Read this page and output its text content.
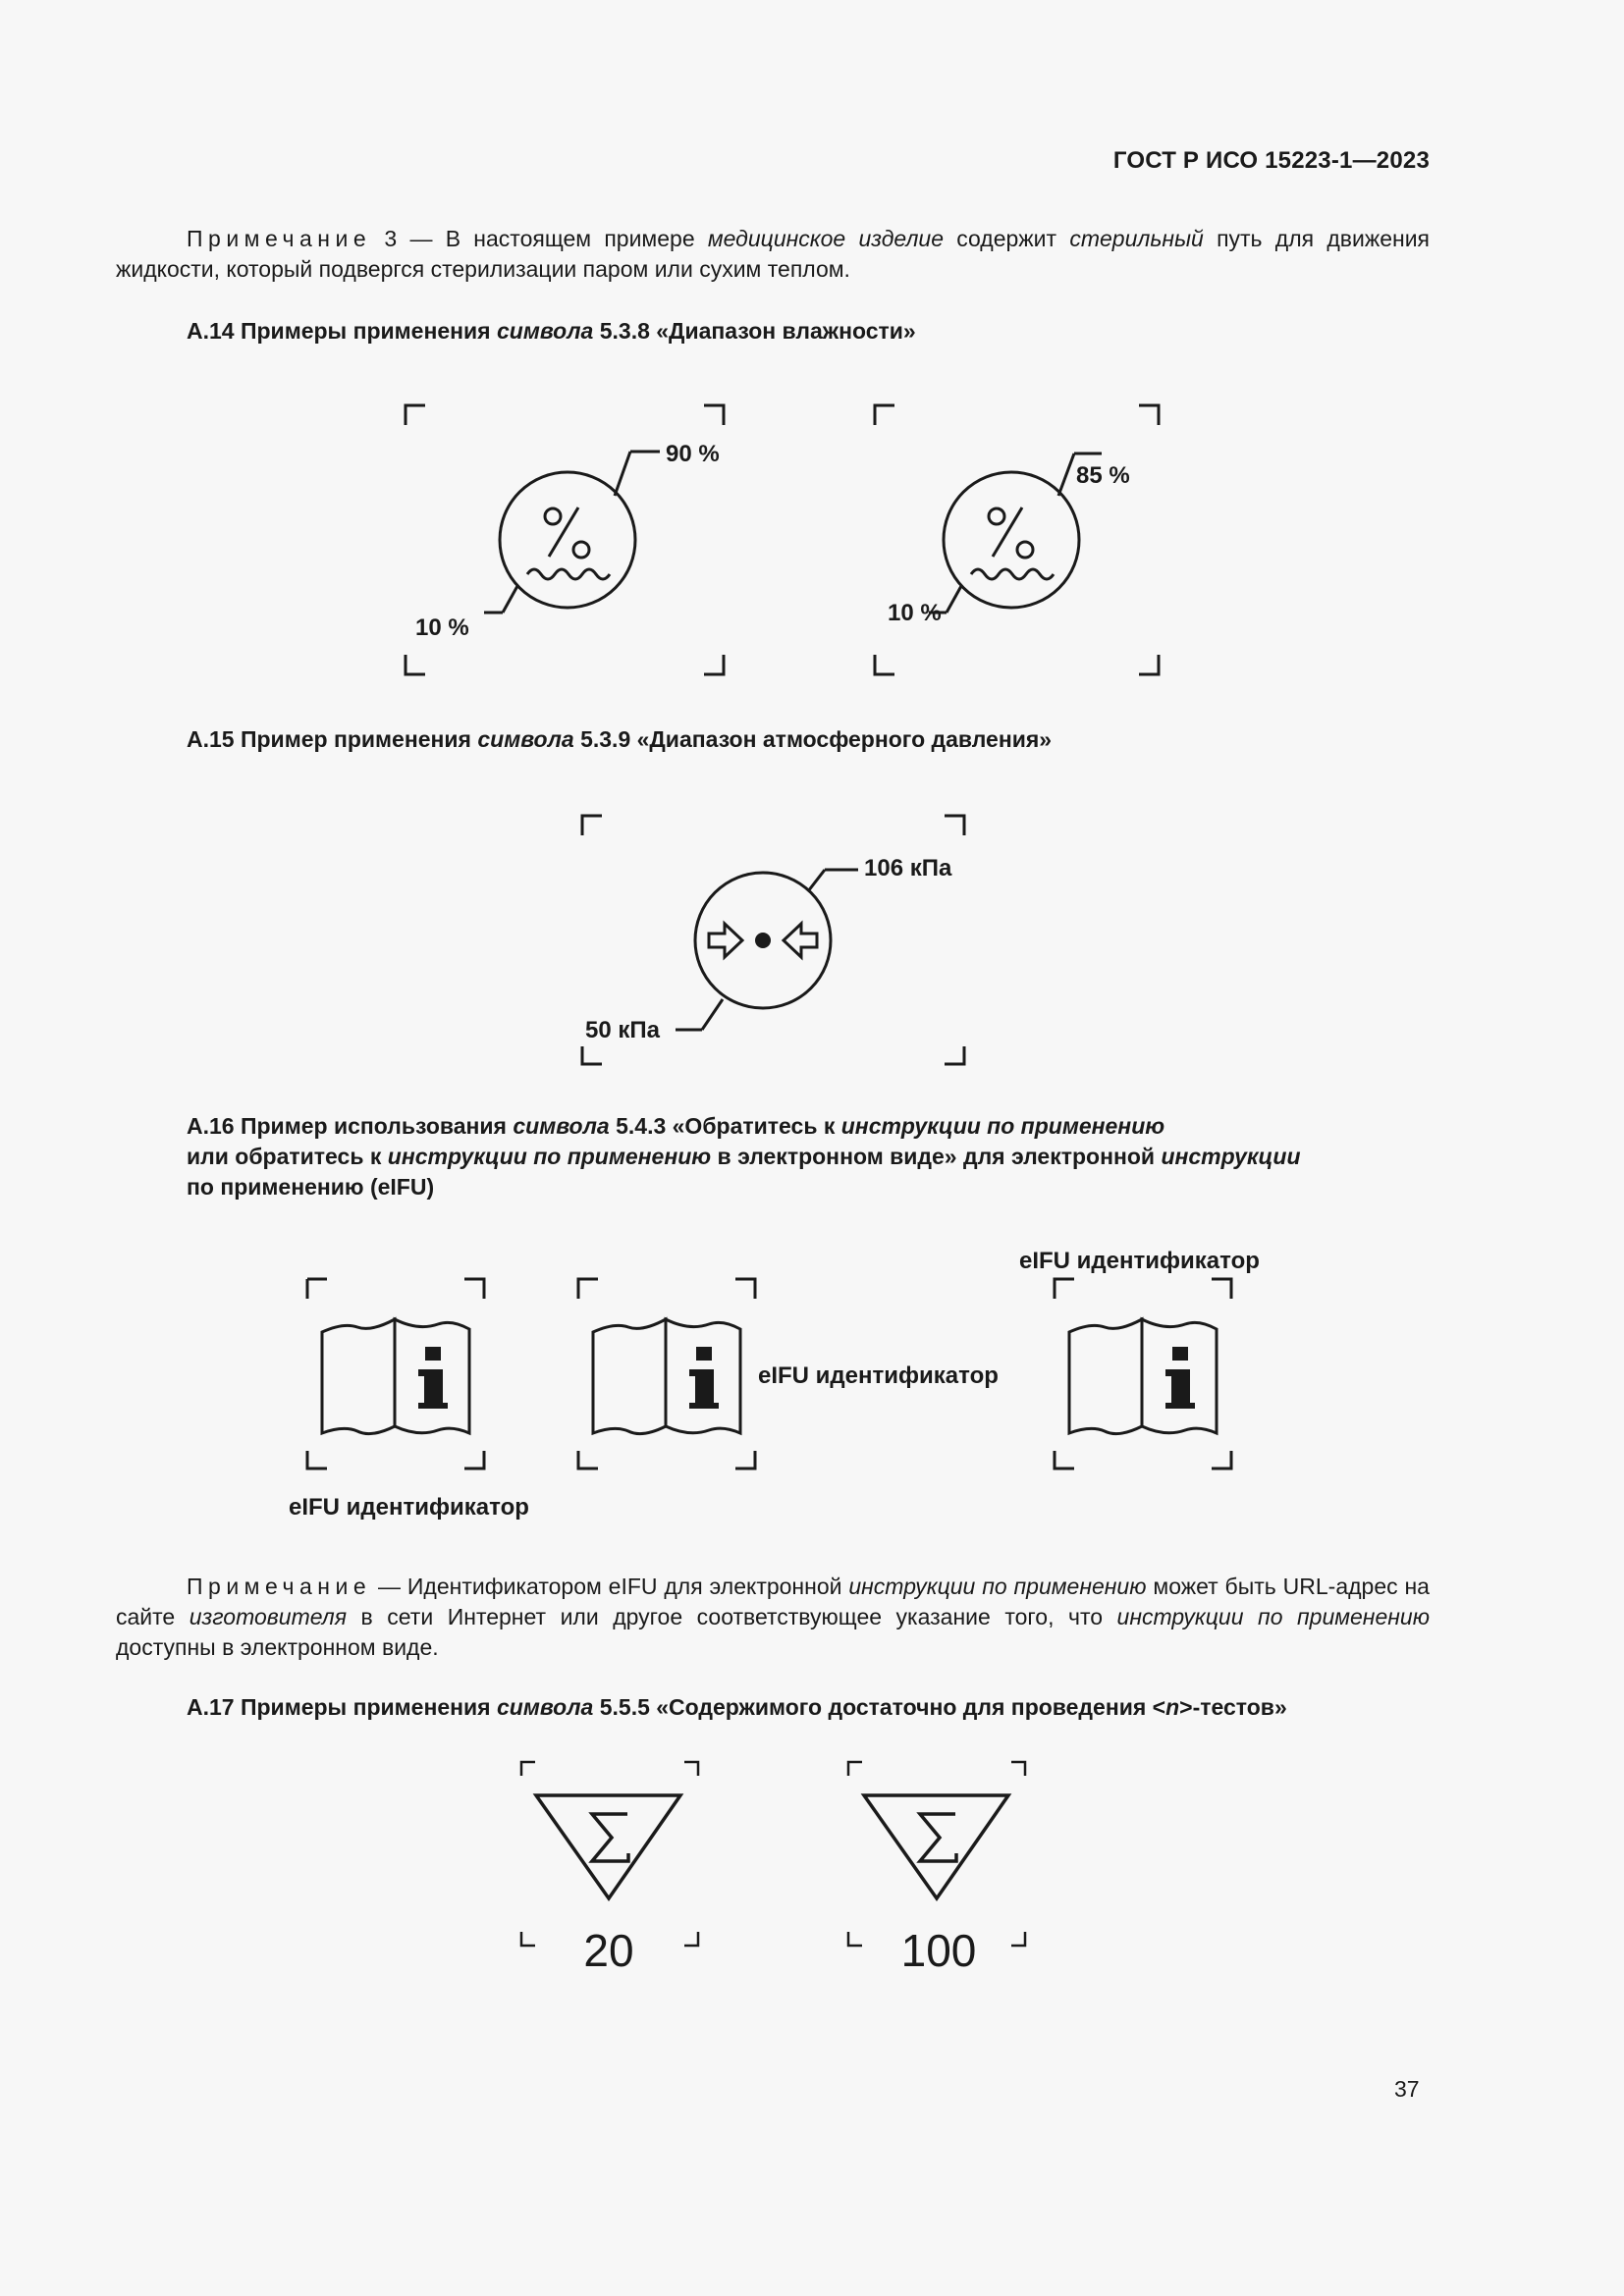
ГОСТ Р ИСО 15223-1—2023

Примечание 3 — В настоящем примере медицинское изделие содержит стерильный путь для движения жидкости, который подвергся стерилизации паром или сухим теплом.

А.14 Примеры применения символа 5.3.8 «Диапазон влажности»

90 %
10 %
85 %
10 %

А.15 Пример применения символа 5.3.9 «Диапазон атмосферного давления»

106 кПа
50 кПа

А.16 Пример использования символа 5.4.3 «Обратитесь к инструкции по применению
или обратитесь к инструкции по применению в электронном виде» для электронной инструкции
по применению (eIFU)

eIFU идентификатор
eIFU идентификатор
eIFU идентификатор

Примечание — Идентификатором eIFU для электронной инструкции по применению может быть URL-адрес на сайте изготовителя в сети Интернет или другое соответствующее указание того, что инструкции по применению доступны в электронном виде.

А.17 Примеры применения символа 5.5.5 «Содержимого достаточно для проведения <n>-тестов»

20	100
37
